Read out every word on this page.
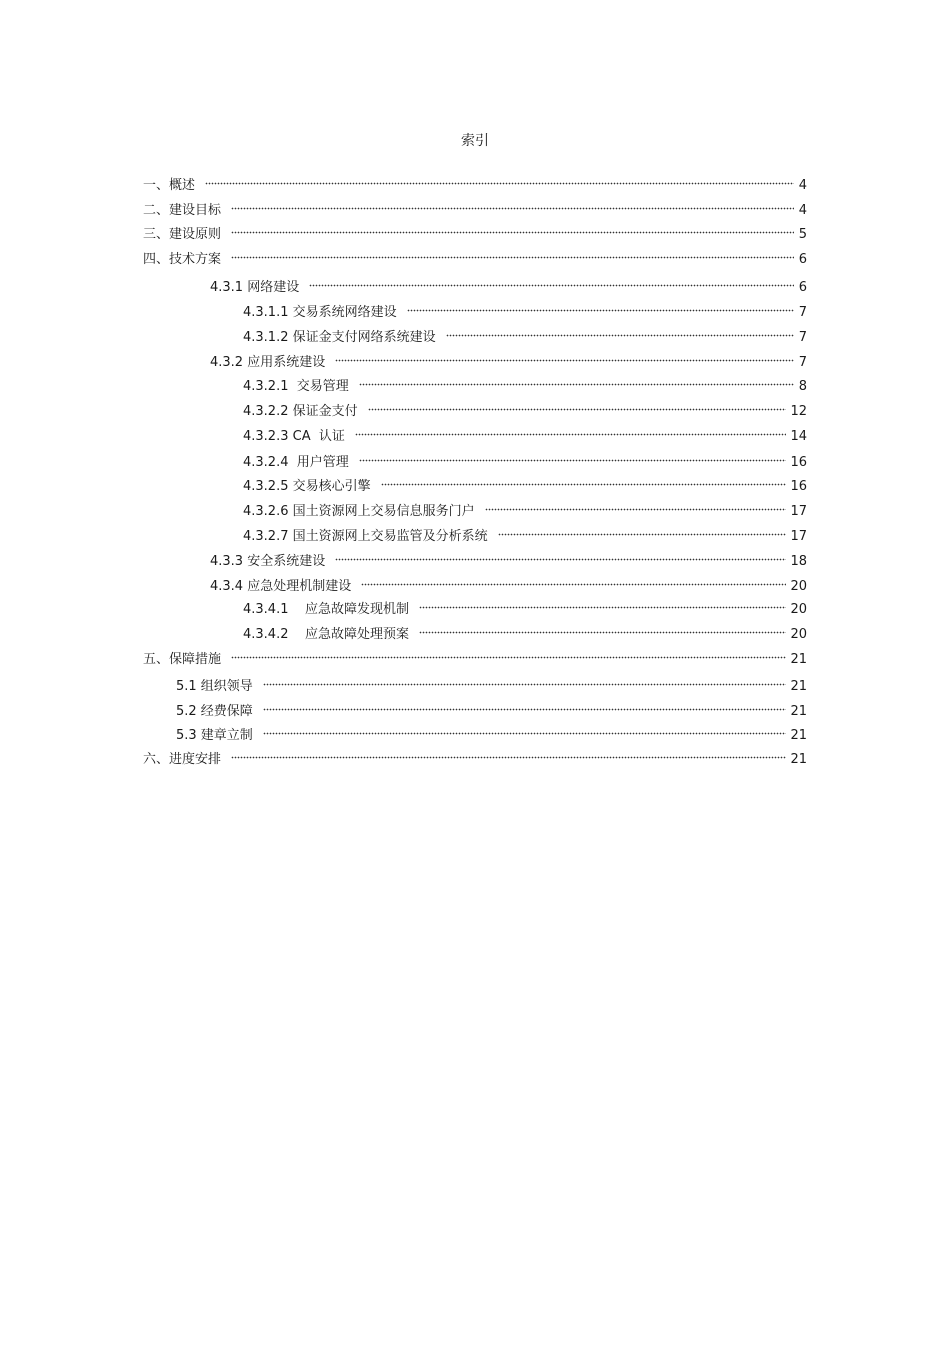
索引
一、概述	4
二、建设目标	4
三、建设原则	5
四、技术方案	6
4.3.1 网络建设	6
4.3.1.1 交易系统网络建设	7
4.3.1.2 保证金支付网络系统建设	7
4.3.2 应用系统建设	7
4.3.2.1  交易管理	8
4.3.2.2 保证金支付	12
4.3.2.3 CA  认证	14
4.3.2.4  用户管理	16
4.3.2.5 交易核心引擎	16
4.3.2.6 国土资源网上交易信息服务门户	17
4.3.2.7 国土资源网上交易监管及分析系统	17
4.3.3 安全系统建设	18
4.3.4 应急处理机制建设	20
4.3.4.1    应急故障发现机制	20
4.3.4.2    应急故障处理预案	20
五、保障措施	21
5.1 组织领导	21
5.2 经费保障	21
5.3 建章立制	21
六、进度安排	21
